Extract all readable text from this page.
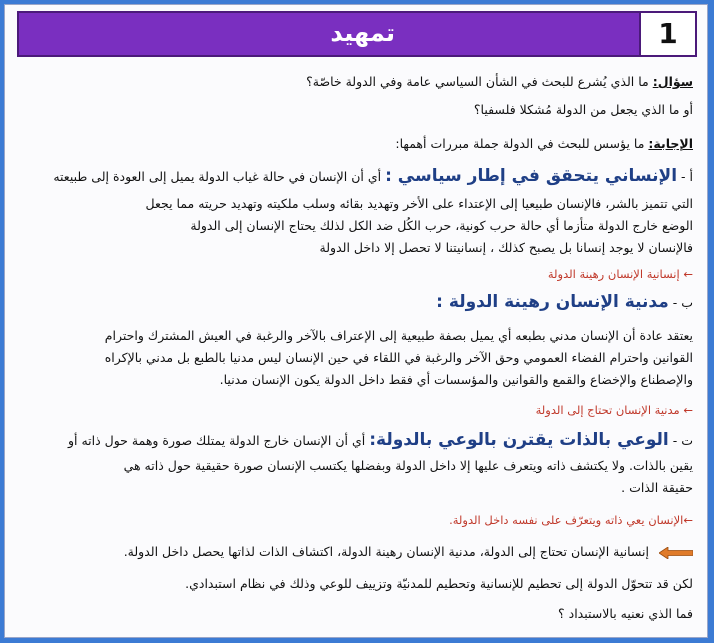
تمهيد	1
سؤال: ما الذي يُشرع للبحث في الشأن السياسي عامة وفي الدولة خاصّة؟
أو ما الذي يجعل من الدولة مُشكلا فلسفيا؟
الإجابة: ما يؤسس للبحث في الدولة جملة مبررات أهمها:
أ - الإنساني يتحقق في إطار سياسي : أي أن الإنسان في حالة غياب الدولة يميل إلى العودة إلى طبيعته
التي تتميز بالشر، فالإنسان طبيعيا إلى الإعتداء على الأخر وتهديد بقائه وسلب ملكيته وتهديد حريته مما يجعل
الوضع خارج الدولة متأزما أي حالة حرب كونية، حرب الكُل ضد الكل لذلك يحتاج الإنسان إلى الدولة
فالإنسان لا يوجد إنسانا بل يصبح كذلك ، إنسانيتنا لا تحصل إلا داخل الدولة
← إنسانية الإنسان رهينة الدولة
ب - مدنية الإنسان رهينة الدولة :
يعتقد عادة أن الإنسان مدني بطبعه أي يميل بصفة طبيعية إلى الإعتراف بالآخر والرغبة في العيش المشترك واحترام
القوانين واحترام الفضاء العمومي وحق الآخر والرغبة في اللقاء في حين الإنسان ليس مدنيا بالطبع بل مدني بالإكراه
والإصطناع والإخضاع والقمع والقوانين والمؤسسات أي فقط داخل الدولة يكون الإنسان مدنيا.
← مدنية الإنسان تحتاج إلى الدولة
ت - الوعي بالذات يقترن بالوعي بالدولة: أي أن الإنسان خارج الدولة يمتلك صورة وهمة حول ذاته أو
يقين بالذات. ولا يكتشف ذاته ويتعرف عليها إلا داخل الدولة وبفضلها يكتسب الإنسان صورة حقيقية حول ذاته هي
حقيقة الذات .
←الإنسان يعي ذاته ويتعرّف على نفسه داخل الدولة.
إنسانية الإنسان تحتاج إلى الدولة، مدنية الإنسان رهينة الدولة، اكتشاف الذات لذاتها يحصل داخل الدولة.
لكن قد تتحوّل الدولة إلى تحطيم للإنسانية وتحطيم للمدنيّة وتزييف للوعي وذلك في نظام استبدادي.
فما الذي نعنيه بالاستبداد ؟
